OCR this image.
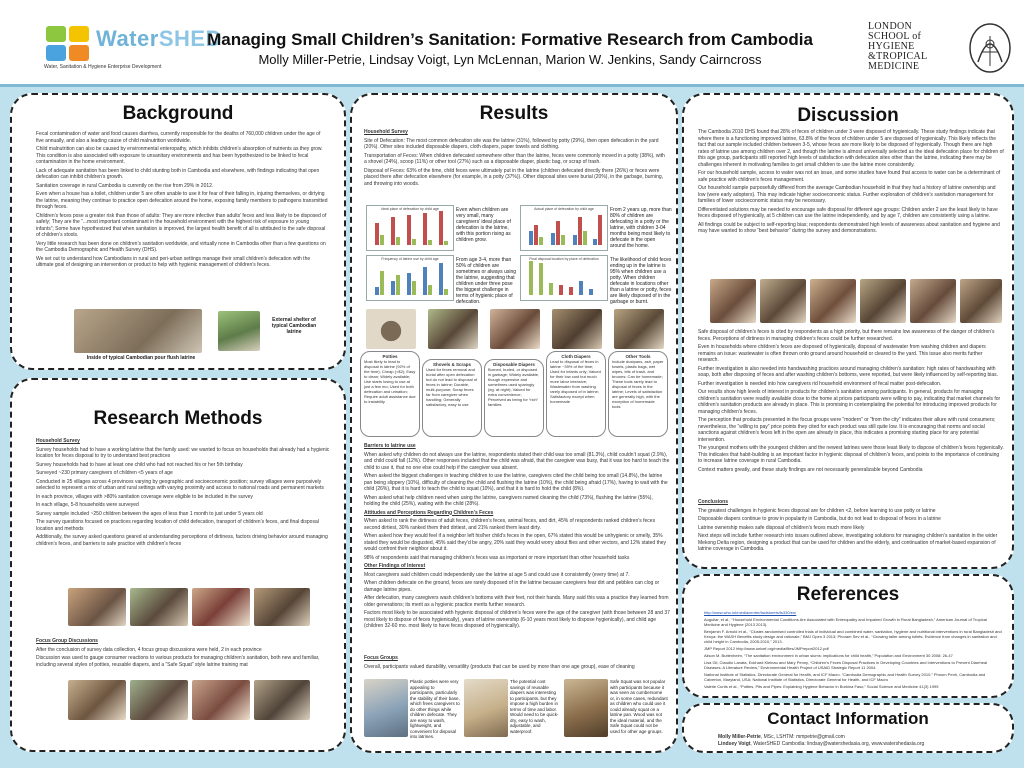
WaterSHED
Water, Sanitation & Hygiene Enterprise Development
Managing Small Children’s Sanitation: Formative Research from Cambodia
Molly Miller-Petrie, Lindsay Voigt, Lyn McLennan, Marion W. Jenkins, Sandy Cairncross
LONDON
SCHOOL of
HYGIENE
&TROPICAL
MEDICINE
Background

Fecal contamination of water and food causes diarrhea, currently responsible for the deaths of 760,000 children under the age of five annually, and also a leading cause of child malnutrition worldwide.

Child malnutrition can also be caused by environmental enteropathy, which inhibits children’s absorption of nutrients as they grow. This condition is also associated with exposure to unsanitary environments and has been hypothesized to be linked to fecal contamination in the home environment.

Lack of adequate sanitation has been linked to child stunting both in Cambodia and elsewhere, with findings indicating that open defecation can inhibit children’s growth.

Sanitation coverage in rural Cambodia is currently on the rise from 29% in 2012.

Even when a house has a toilet, children under 5 are often unable to use it for fear of their falling in, injuring themselves, or dirtying the latrine, meaning they continue to practice open defecation around the home, exposing family members to pathogens transmitted through feces.

Children’s feces pose a greater risk than those of adults: They are more infective than adults’ feces and less likely to be disposed of safely; They are the “...most important contaminant in the household environment with the highest risk of exposure to young infants”; Some have hypothesized that when sanitation is improved, the largest health benefit of all is attributed to the safe disposal of children’s stools.

Very little research has been done on children’s sanitation worldwide, and virtually none in Cambodia other than a few questions on the Cambodia Demographic and Health Survey (DHS).

We set out to understand how Cambodians in rural and peri-urban settings manage their small children’s defecation with the ultimate goal of designing an intervention or product to help with hygienic management of children’s feces.

Inside of typical Cambodian pour flush latrine
External shelter of typical Cambodian latrine
Research Methods

Household Survey

Survey households had to have a working latrine that the family used: we wanted to focus on households that already had a hygienic location for feces disposal to try to understand best practices

Survey households had to have at least one child who had not reached his or her 5th birthday

Surveyed ~230 primary caregivers of children <5 years of age

Conducted in 25 villages across 4 provinces varying by geographic and socioeconomic position; survey villages were purposively selected to represent a mix of urban and rural settings with varying proximity and access to national roads and permanent markets

In each province, villages with >80% sanitation coverage were eligible to be included in the survey

In each village, 5-8 households were surveyed

Survey sample included ~250 children between the ages of less than 1 month to just under 5 years old

The survey questions focused on practices regarding location of child defecation, transport of children’s feces, and final disposal location and methods

Additionally, the survey asked questions geared at understanding perceptions of dirtiness, factors driving behavior around managing children’s feces, and barriers to safe practice with children’s feces

Focus Group Discussions

After the conclusion of survey data collection, 4 focus group discussions were held, 2 in each province

Discussion was used to gauge consumer reactions to various products for managing children’s sanitation, both new and familiar, including several styles of potties, reusable diapers, and a “Safe Squat” style latrine training mat

Results

Household Survey

Site of Defecation: The most common defecation site was the latrine (31%), followed by potty (29%), then open defecation in the yard (20%). Other sites included disposable diapers, cloth diapers, paper towels and clothing.

Transportation of Feces: When children defecated somewhere other than the latrine, feces were commonly moved in a potty (38%), with a shovel (24%), scoop (11%) or other tool (27%) such as a disposable diaper, plastic bag, or scrap of trash.

Disposal of Feces: 63% of the time, child feces were ultimately put in the latrine (children defecated directly there (26%) or feces were placed there after defecation elsewhere (for example, in a potty (37%)). Other disposal sites were burial (20%), in the garbage, burning, and throwing into woods.

Ideal place of defecation by child age	Even when children are very small, many caregivers’ ideal place of defecation is the latrine, with this portion rising as children grow.
Actual place of defecation by child age	From 2 years up, more than 80% of children are defecating in a potty or the latrine, with children 3-04 months being most likely to defecate in the open around the home.
Frequency of latrine use by child age	From age 3-4, more than 50% of children are sometimes or always using the latrine, suggesting that children under three pose the biggest challenge in terms of hygienic place of defecation.
Final disposal location by place of defecation	The likelihood of child feces ending up in the latrine is 95% when children use a potty. When children defecate in locations other than a latrine or potty, feces are likely disposed of in the garbage or burnt.
Potties
Most likely to lead to disposal in latrine (92% of the time); Cheap (<$2); Easy to clean; Widely available; Use starts losing to use at just a few mo; Used for both defecation and urination; Require adult assistance due to instability
Shovels & Scraps
Used for feces removal and burial after open defecation but do not lead to disposal of feces in latrine; Durable, multi-purpose; Scrap feces far from caregiver when handling; Generally satisfactory, easy to use
Disposable Diapers
Burned, buried, or disposed in garbage; Widely available, though expensive and sometimes used sparingly (eg. at night); Valued for extra convenience; Perceived as being for “rich” families
Cloth Diapers
Lead to disposal of feces in latrine ~39% of the time; Used for infants only; Valued for their low cost but much more labor intensive; Wastewater from washing rarely disposed of in latrine; Satisfactory except when homemade
Other Tools
Include dustpans, ash, paper towels, plastic bags, wet wipes, bits of trash, and brooms; Can be homemade; These tools rarely lead to disposal of feces in the latrine; Levels of satisfaction are generally high, with the exception of homemade tools

Barriers to latrine use

When asked why children do not always use the latrine, respondents stated their child was too small (81.3%), child couldn’t squat (2.9%), and child could fall (12%). Other responses included that the child was afraid, that the caregiver was busy, that it was too hard to teach the child to use it, that no one else could help if the caregiver was absent.

When asked the biggest challenges in teaching children to use the latrine, caregivers cited the child being too small (14.8%), the latrine pan being slippery (10%), difficulty of cleaning the child and flushing the latrine (10%), the child being afraid (17%), having to wait with the child (26%), that it is hard to teach the child to squat (10%), and that it is hard to hold the child (8%).

When asked what help children need when using the latrine, caregivers named cleaning the child (73%), flushing the latrine (55%), holding the child (25%), waiting with the child (28%).

Attitudes and Perceptions Regarding Children’s Feces

When asked to rank the dirtiness of adult feces, children’s feces, animal feces, and dirt, 45% of respondents ranked children’s feces second dirtiest, 30% ranked them third dirtiest, and 21% ranked them least dirty.

When asked how they would feel if a neighbor left his/her child’s feces in the open, 67% stated this would be unhygienic or smelly, 35% stated they would be disgusted, 45% said they’d be angry, 20% said they would worry about flies and other vectors, and 12% stated they would confront their neighbor about it.

98% of respondents said that managing children’s feces was as important or more important than other household tasks

Other Findings of Interest

Most caregivers said children could independently use the latrine at age 5 and could use it consistently (every time) at 7.

When children defecate on the ground, feces are rarely disposed of in the latrine because caregivers fear dirt and pebbles can clog or damage latrine pipes.

After defecation, many caregivers wash children’s bottoms with their feet, not their hands. Many said this was a practice they learned from older generations; its merit as a hygienic practice merits further research.

Factors most likely to be associated with hygienic disposal of children’s feces were the age of the caregiver (with those between 28 and 37 most likely to dispose of feces hygienically), years of latrine ownership (6-10 years most likely to dispose hygienically), and child age (children 32-60 mo. most likely to have feces disposed of hygienically).

Focus Groups

Overall, participants valued durability, versatility (products that can be used by more than one age group), ease of cleaning

Plastic potties were very appealing to participants, particularly the stability of their base, which frees caregivers to do other things while children defecate. They are easy to wash, lightweight, and convenient for disposal into latrines.
The potential cost savings of reusable diapers was interesting to participants, but they impose a high burden in terms of time and labor. Would need to be quick-dry, easy to wash, adjustable, and waterproof.
Safe Squat was not popular with participants because it was seen as cumbersome or, in some cases, redundant as children who could use it could already squat on a latrine pan. Wood was not the ideal material, and the Safe Squat could not be used for other age groups.
Discussion

The Cambodia 2010 DHS found that 28% of feces of children under 3 were disposed of hygienically. These study findings indicate that where there is a functioning improved latrine, 63.8% of the feces of children under 5 are disposed of hygienically. This likely reflects the fact that our sample included children between 3-5, whose feces are more likely to be disposed of hygienically. Though there are high rates of latrine use among children over 2, and though the latrine is almost universally selected as the ideal defecation place for children of this age group, participants still reported high levels of satisfaction with defecation sites other than the latrine, indicating there may be challenges inherent in motivating families to get small children to use the latrine more consistently.

For our household sample, access to water was not an issue, and some studies have found that access to water can be a determinant of safe practice with children’s feces management.

Our household sample purposefully differed from the average Cambodian household in that they had a history of latrine ownership and low (were early adopters). This may indicate higher socioeconomic status. Further exploration of children’s sanitation management for families of lower socioeconomic status may be necessary.

Differentiated solutions may be needed to encourage safe disposal for different age groups: Children under 2 are the least likely to have feces disposed of hygienically, at 5 children can use the latrine independently, and by age 7, children are consistently using a latrine.

All findings could be subject to self-reporting bias; respondents demonstrated high levels of awareness about sanitation and hygiene and may have wanted to show “best behavior” during the survey and demonstrations.

Safe disposal of children’s feces is cited by respondents as a high priority, but there remains low awareness of the danger of children’s feces. Perceptions of dirtiness in managing children’s feces could be further researched.

Even in households where children’s feces are disposed of hygienically, disposal of wastewater from washing children and diapers remains an issue: wastewater is often thrown onto ground around household or cleared to the yard. This issue also merits further research.

Further investigation is also needed into handwashing practices around managing children’s sanitation: high rates of handwashing with soap, both after disposing of feces and after washing children’s bottoms, were reported, but were likely influenced by self-reporting bias.

Further investigation is needed into how caregivers rid household environment of fecal matter post-defecation.

Our results show high levels of interest in products for children’s sanitation among participants. In general, products for managing children’s sanitation were readily available close to the home at prices participants were willing to pay, indicating that market channels for children’s sanitation products are already in place. This is promising in contemplating the potential for introducing improved products for managing children’s feces.

The perception that products presented in the focus groups were “modern” or “from the city” indicates their allure with rural consumers; nevertheless, the “willing to pay” price points they cited for each product was still quite low. It is encouraging that norms and social sanctions against children’s feces left in the open are already in place, this indicates a promising starting place for any potential intervention.

The youngest mothers with the youngest children and the newest latrines were those least likely to dispose of children’s feces hygienically. This indicates that habit-building is an important factor in hygienic disposal of children’s feces, and points to the importance of continuing to increase latrine coverage in rural Cambodia.

Context matters greatly, and these study findings are not necessarily generalizable beyond Cambodia

Conclusions

The greatest challenges in hygienic feces disposal are for children <2, before learning to use potty or latrine

Disposable diapers continue to grow in popularity in Cambodia, but do not lead to disposal of feces in a latrine

Latrine ownership makes safe disposal of children’s feces much more likely

Next steps will include further research into issues outlined above, investigating solutions for managing children’s sanitation in the wider Mekong Delta region, designing a product that can be used for children and the elderly, and continuation of market-based expansion of latrine coverage in Cambodia.

References

http://www.who.int/mediacentre/factsheets/fs330/en/

Auguilar, et al., “Household Environmental Conditions Are Associated with Enteropathy and Impaired Growth in Rural Bangladesh,” American Journal of Tropical Medicine and Hygiene (2013 2013).

Benjamin F. Arnold et al., “Cluster-randomised controlled trials of individual and combined water, sanitation, hygiene and nutritional interventions in rural Bangladesh and Kenya: the WASH Benefits study design and rationale,” BMJ Open 3 2013; Phoram Sev et al., “Growing taller among toilets: Evidence from changes in sanitation and child height in Cambodia, 2005-2010,” 2013.

JMP Report 2012 http://www.unicef.org/media/files/JMPreport2012.pdf

Alison M. Buttenheim, “The sanitation environment in urban slums: implications for child health,” Population and Environment 30 2008: 26-47

Lisa Gil, Claudio Lanata, Eckhard Kleinau and Mary Penny, “Children’s Feces Disposal Practices in Developing Countries and Interventions to Prevent Diarrheal Diseases: A Literature Review,” Environmental Health Project of USAID Strategic Report 11 2004.

National Institute of Statistics, Directorate General for Health, and ICF Macro. “Cambodia Demographic and Health Survey 2010.” Phnom Penh, Cambodia and Calverton, Maryland, USA: National Institute of Statistics, Directorate General for Health, and ICF Macro

Valérie Curtis et al., “Potties, Pits and Pipes: Explaining Hygiene Behavior in Burkina Faso,” Social Science and Medicine 41(3) 1995

Contact Information
Molly Miller-Petrie, MSc, LSHTM: mmpetrie@gmail.com
Lindsey Voigt, WaterSHED Cambodia: lindsay@watershedasia.org, www.watershedasia.org
